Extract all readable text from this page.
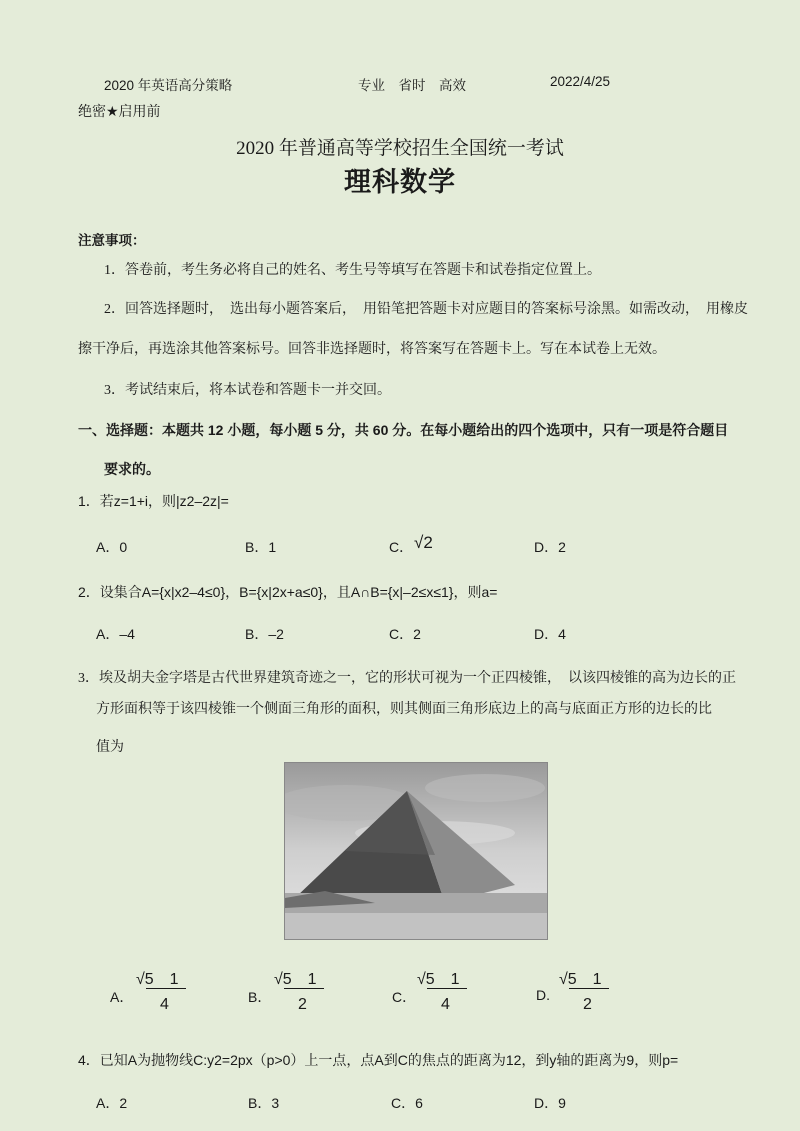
2020 年英语高分策略	专业　省时　高效	2022/4/25
绝密★启用前
2020 年普通高等学校招生全国统一考试
理科数学
注意事项：
1．答卷前，考生务必将自己的姓名、考生号等填写在答题卡和试卷指定位置上。
2．回答选择题时，　选出每小题答案后，　用铅笔把答题卡对应题目的答案标号涂黑。如需改动，　用橡皮
擦干净后，再选涂其他答案标号。回答非选择题时，将答案写在答题卡上。写在本试卷上无效。
3．考试结束后，将本试卷和答题卡一并交回。
一、选择题：本题共 12 小题，每小题 5 分，共 60 分。在每小题给出的四个选项中，只有一项是符合题目
要求的。
1．若z=1+i，则|z2–2z|=
A．0	B．1	C． √2	D．2
2．设集合A={x|x2–4≤0}，B={x|2x+a≤0}，且A∩B={x|–2≤x≤1}，则a=
A．–4	B．–2	C．2	D．4
3．埃及胡夫金字塔是古代世界建筑奇迹之一，它的形状可视为一个正四棱锥，　以该四棱锥的高为边长的正
方形面积等于该四棱锥一个侧面三角形的面积，则其侧面三角形底边上的高与底面正方形的边长的比
值为
A．
√5　1
4	B．
√5　1
2	C．
√5　1
4
D.
√5　1
2
4．已知A为抛物线C:y2=2px（p>0）上一点，点A到C的焦点的距离为12，到y轴的距离为9，则p=
A．2	B．3	C．6	D．9
